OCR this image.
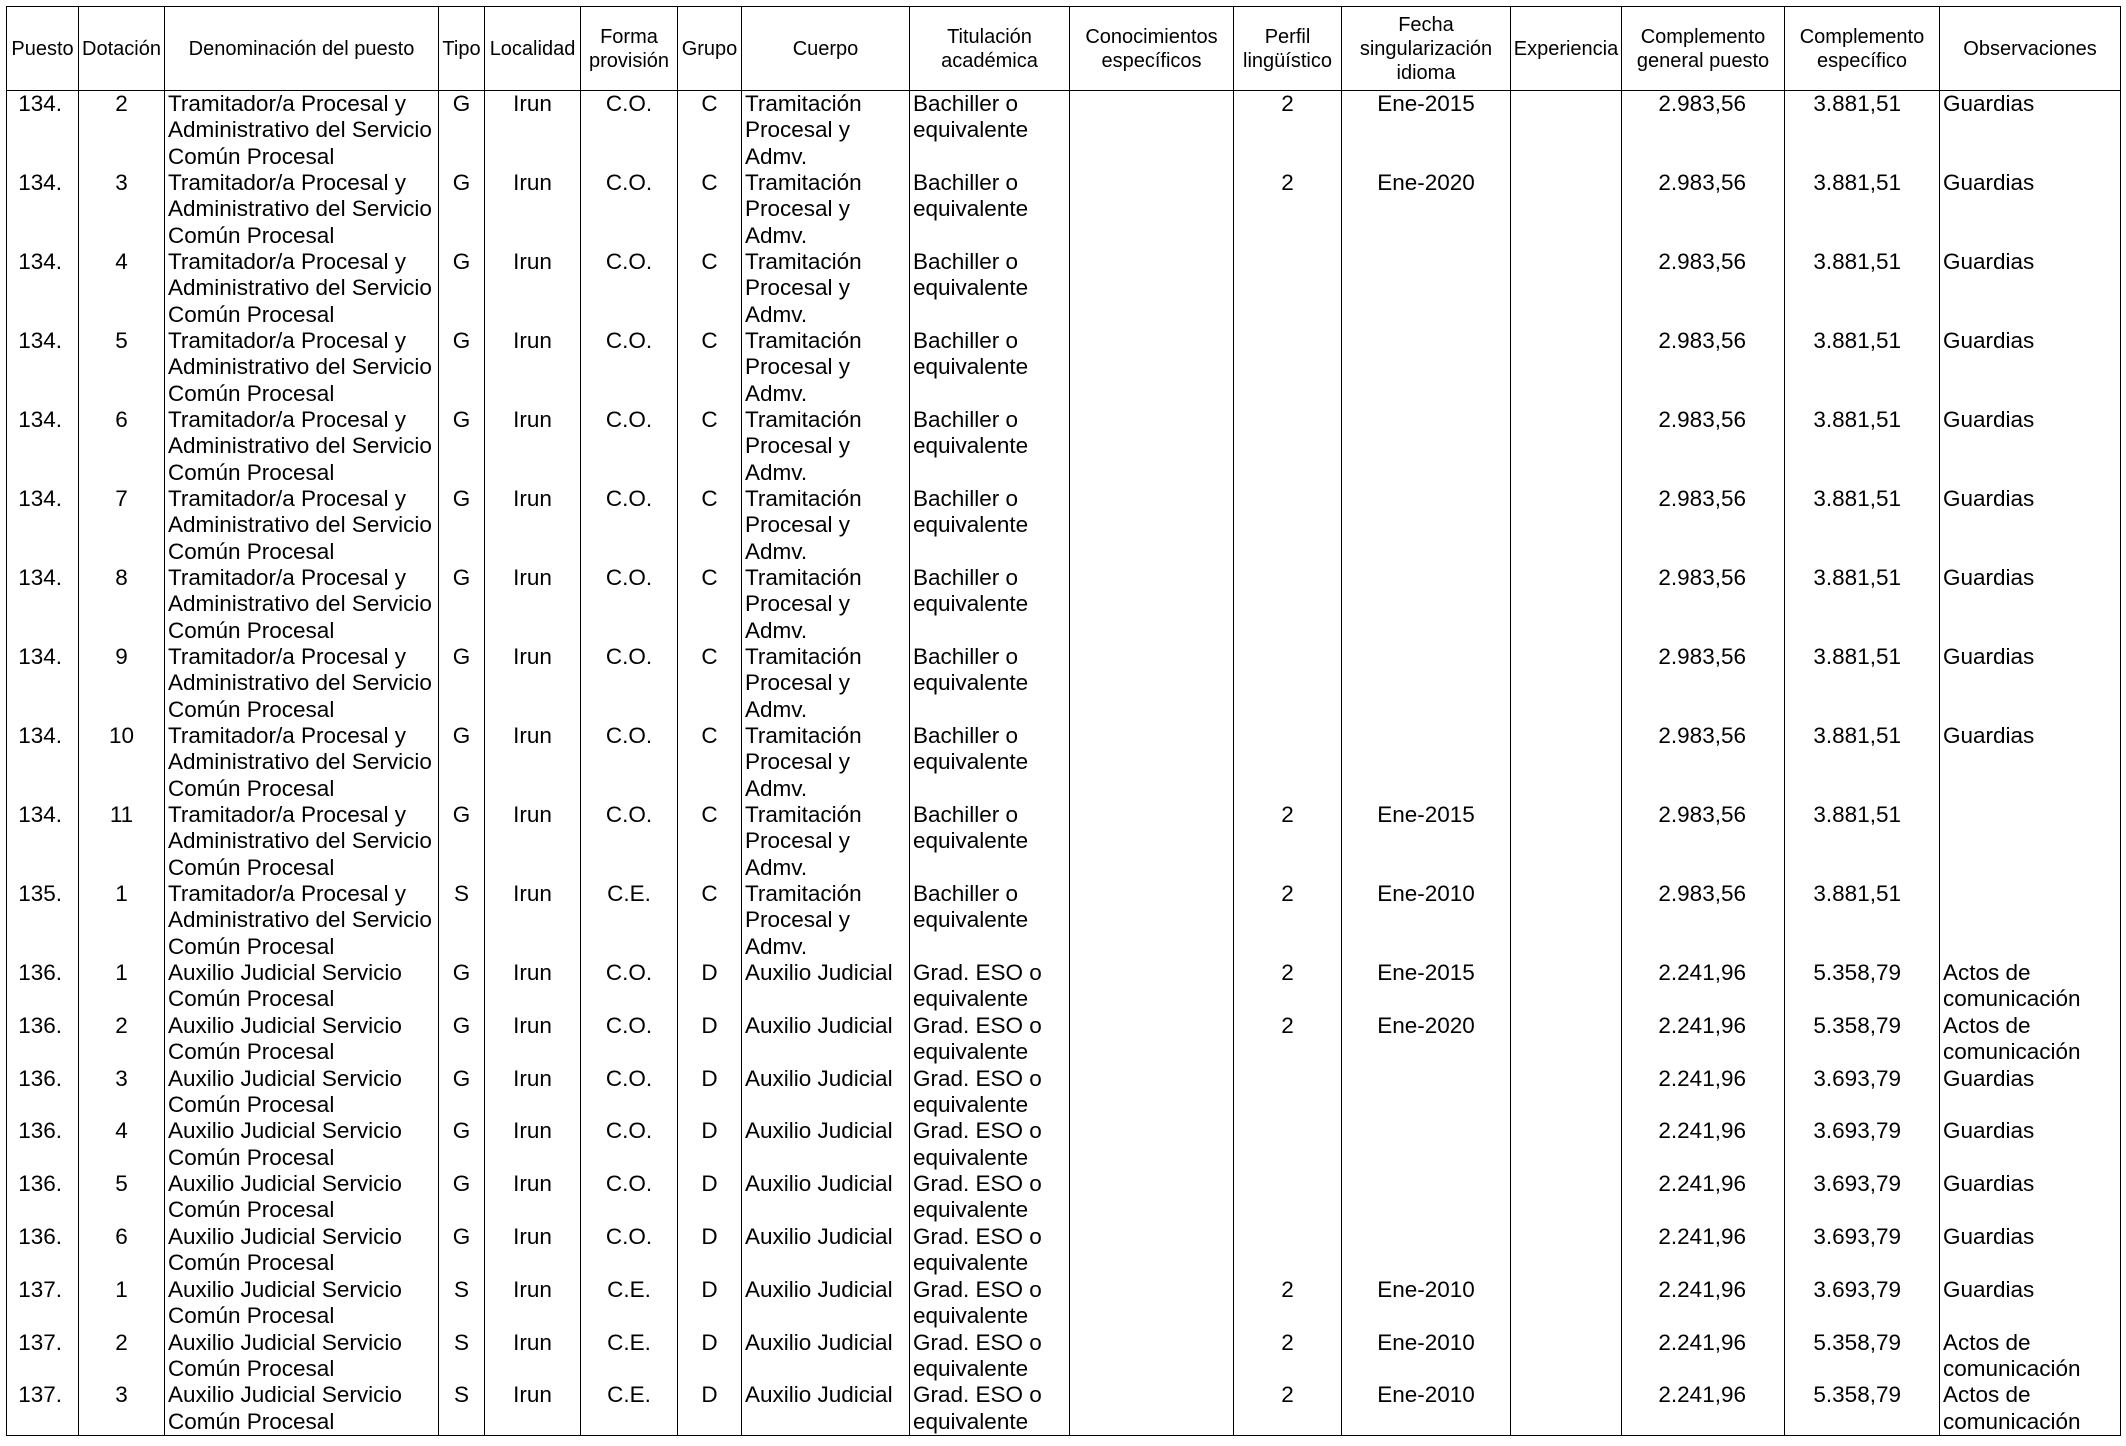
Puesto	Dotación	Denominación del puesto	Tipo	Localidad	Forma provisión	Grupo	Cuerpo	Titulación académica	Conocimientos específicos	Perfil lingüístico	Fecha singularización idioma	Experiencia	Complemento general puesto	Complemento específico	Observaciones
134.	2	Tramitador/a Procesal y Administrativo del Servicio Común Procesal	G	Irun	C.O.	C	Tramitación Procesal y Admv.	Bachiller o equivalente		2	Ene-2015		2.983,56	3.881,51	Guardias
134.	3	Tramitador/a Procesal y Administrativo del Servicio Común Procesal	G	Irun	C.O.	C	Tramitación Procesal y Admv.	Bachiller o equivalente		2	Ene-2020		2.983,56	3.881,51	Guardias
134.	4	Tramitador/a Procesal y Administrativo del Servicio Común Procesal	G	Irun	C.O.	C	Tramitación Procesal y Admv.	Bachiller o equivalente					2.983,56	3.881,51	Guardias
134.	5	Tramitador/a Procesal y Administrativo del Servicio Común Procesal	G	Irun	C.O.	C	Tramitación Procesal y Admv.	Bachiller o equivalente					2.983,56	3.881,51	Guardias
134.	6	Tramitador/a Procesal y Administrativo del Servicio Común Procesal	G	Irun	C.O.	C	Tramitación Procesal y Admv.	Bachiller o equivalente					2.983,56	3.881,51	Guardias
134.	7	Tramitador/a Procesal y Administrativo del Servicio Común Procesal	G	Irun	C.O.	C	Tramitación Procesal y Admv.	Bachiller o equivalente					2.983,56	3.881,51	Guardias
134.	8	Tramitador/a Procesal y Administrativo del Servicio Común Procesal	G	Irun	C.O.	C	Tramitación Procesal y Admv.	Bachiller o equivalente					2.983,56	3.881,51	Guardias
134.	9	Tramitador/a Procesal y Administrativo del Servicio Común Procesal	G	Irun	C.O.	C	Tramitación Procesal y Admv.	Bachiller o equivalente					2.983,56	3.881,51	Guardias
134.	10	Tramitador/a Procesal y Administrativo del Servicio Común Procesal	G	Irun	C.O.	C	Tramitación Procesal y Admv.	Bachiller o equivalente					2.983,56	3.881,51	Guardias
134.	11	Tramitador/a Procesal y Administrativo del Servicio Común Procesal	G	Irun	C.O.	C	Tramitación Procesal y Admv.	Bachiller o equivalente		2	Ene-2015		2.983,56	3.881,51	
135.	1	Tramitador/a Procesal y Administrativo del Servicio Común Procesal	S	Irun	C.E.	C	Tramitación Procesal y Admv.	Bachiller o equivalente		2	Ene-2010		2.983,56	3.881,51	
136.	1	Auxilio Judicial Servicio Común Procesal	G	Irun	C.O.	D	Auxilio Judicial	Grad. ESO o equivalente		2	Ene-2015		2.241,96	5.358,79	Actos de comunicación
136.	2	Auxilio Judicial Servicio Común Procesal	G	Irun	C.O.	D	Auxilio Judicial	Grad. ESO o equivalente		2	Ene-2020		2.241,96	5.358,79	Actos de comunicación
136.	3	Auxilio Judicial Servicio Común Procesal	G	Irun	C.O.	D	Auxilio Judicial	Grad. ESO o equivalente					2.241,96	3.693,79	Guardias
136.	4	Auxilio Judicial Servicio Común Procesal	G	Irun	C.O.	D	Auxilio Judicial	Grad. ESO o equivalente					2.241,96	3.693,79	Guardias
136.	5	Auxilio Judicial Servicio Común Procesal	G	Irun	C.O.	D	Auxilio Judicial	Grad. ESO o equivalente					2.241,96	3.693,79	Guardias
136.	6	Auxilio Judicial Servicio Común Procesal	G	Irun	C.O.	D	Auxilio Judicial	Grad. ESO o equivalente					2.241,96	3.693,79	Guardias
137.	1	Auxilio Judicial Servicio Común Procesal	S	Irun	C.E.	D	Auxilio Judicial	Grad. ESO o equivalente		2	Ene-2010		2.241,96	3.693,79	Guardias
137.	2	Auxilio Judicial Servicio Común Procesal	S	Irun	C.E.	D	Auxilio Judicial	Grad. ESO o equivalente		2	Ene-2010		2.241,96	5.358,79	Actos de comunicación
137.	3	Auxilio Judicial Servicio Común Procesal	S	Irun	C.E.	D	Auxilio Judicial	Grad. ESO o equivalente		2	Ene-2010		2.241,96	5.358,79	Actos de comunicación
